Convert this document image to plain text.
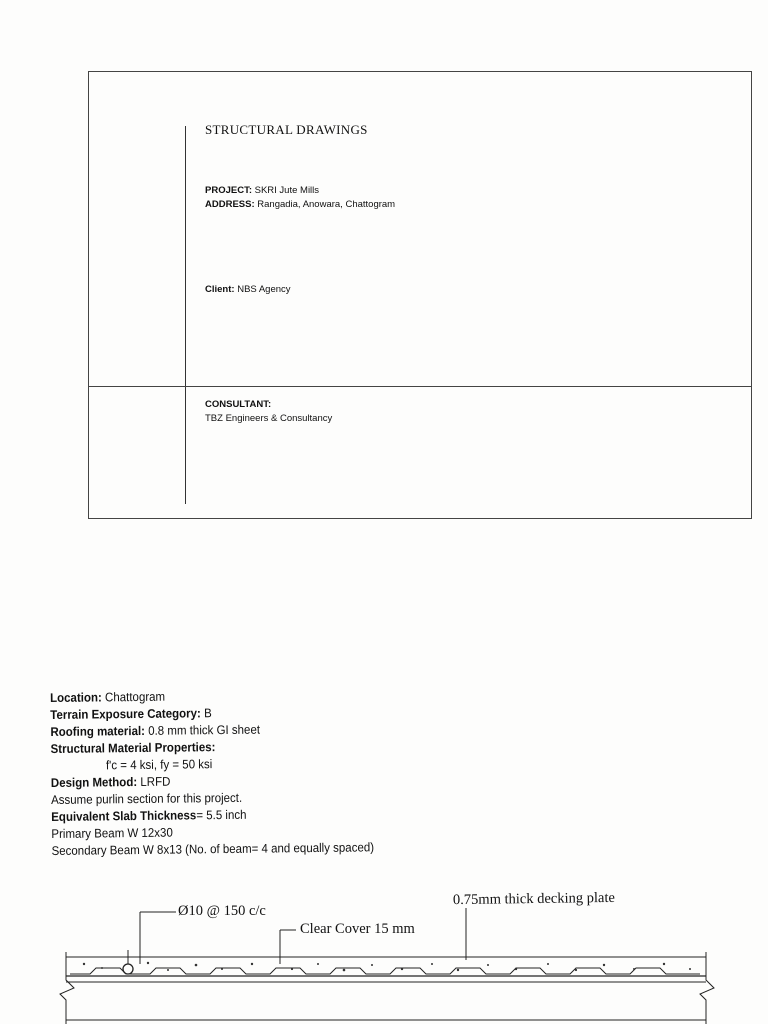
STRUCTURAL DRAWINGS
PROJECT: SKRI Jute Mills
ADDRESS: Rangadia, Anowara, Chattogram
Client: NBS Agency
CONSULTANT:
TBZ Engineers & Consultancy
Location: Chattogram
Terrain Exposure Category: B
Roofing material: 0.8 mm thick GI sheet
Structural Material Properties:
f'c = 4 ksi, fy = 50 ksi
Design Method: LRFD
Assume purlin section for this project.
Equivalent Slab Thickness= 5.5 inch
Primary Beam W 12x30
Secondary Beam W 8x13 (No. of beam= 4 and equally spaced)
Ø10 @ 150 c/c
Clear Cover 15 mm
0.75mm thick decking plate
